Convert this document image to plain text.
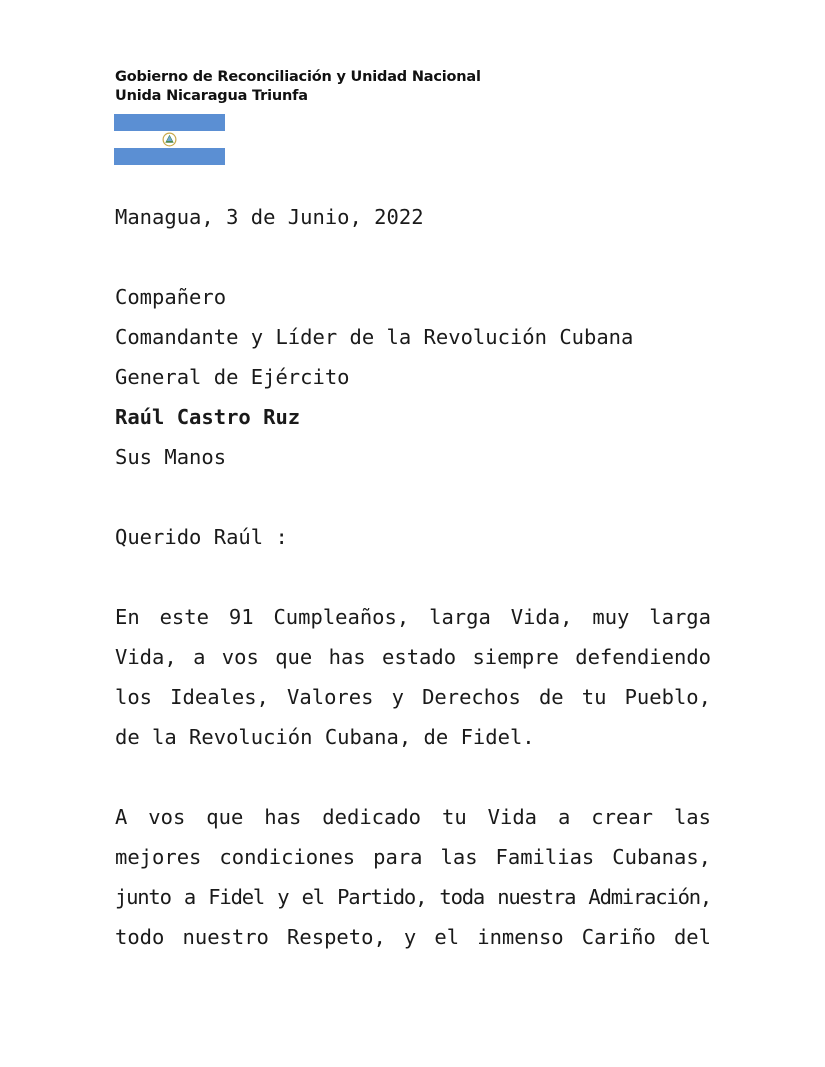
Gobierno de Reconciliación y Unidad Nacional
Unida Nicaragua Triunfa
Managua, 3 de Junio, 2022
Compañero
Comandante y Líder de la Revolución Cubana
General de Ejército
Raúl Castro Ruz
Sus Manos
Querido Raúl :
En este 91 Cumpleaños, larga Vida, muy larga
Vida, a vos que has estado siempre defendiendo
los Ideales, Valores y Derechos de tu Pueblo,
de la Revolución Cubana, de Fidel.
A vos que has dedicado tu Vida a crear las
mejores condiciones para las Familias Cubanas,
junto a Fidel y el Partido, toda nuestra Admiración,
todo nuestro Respeto, y el inmenso Cariño del
